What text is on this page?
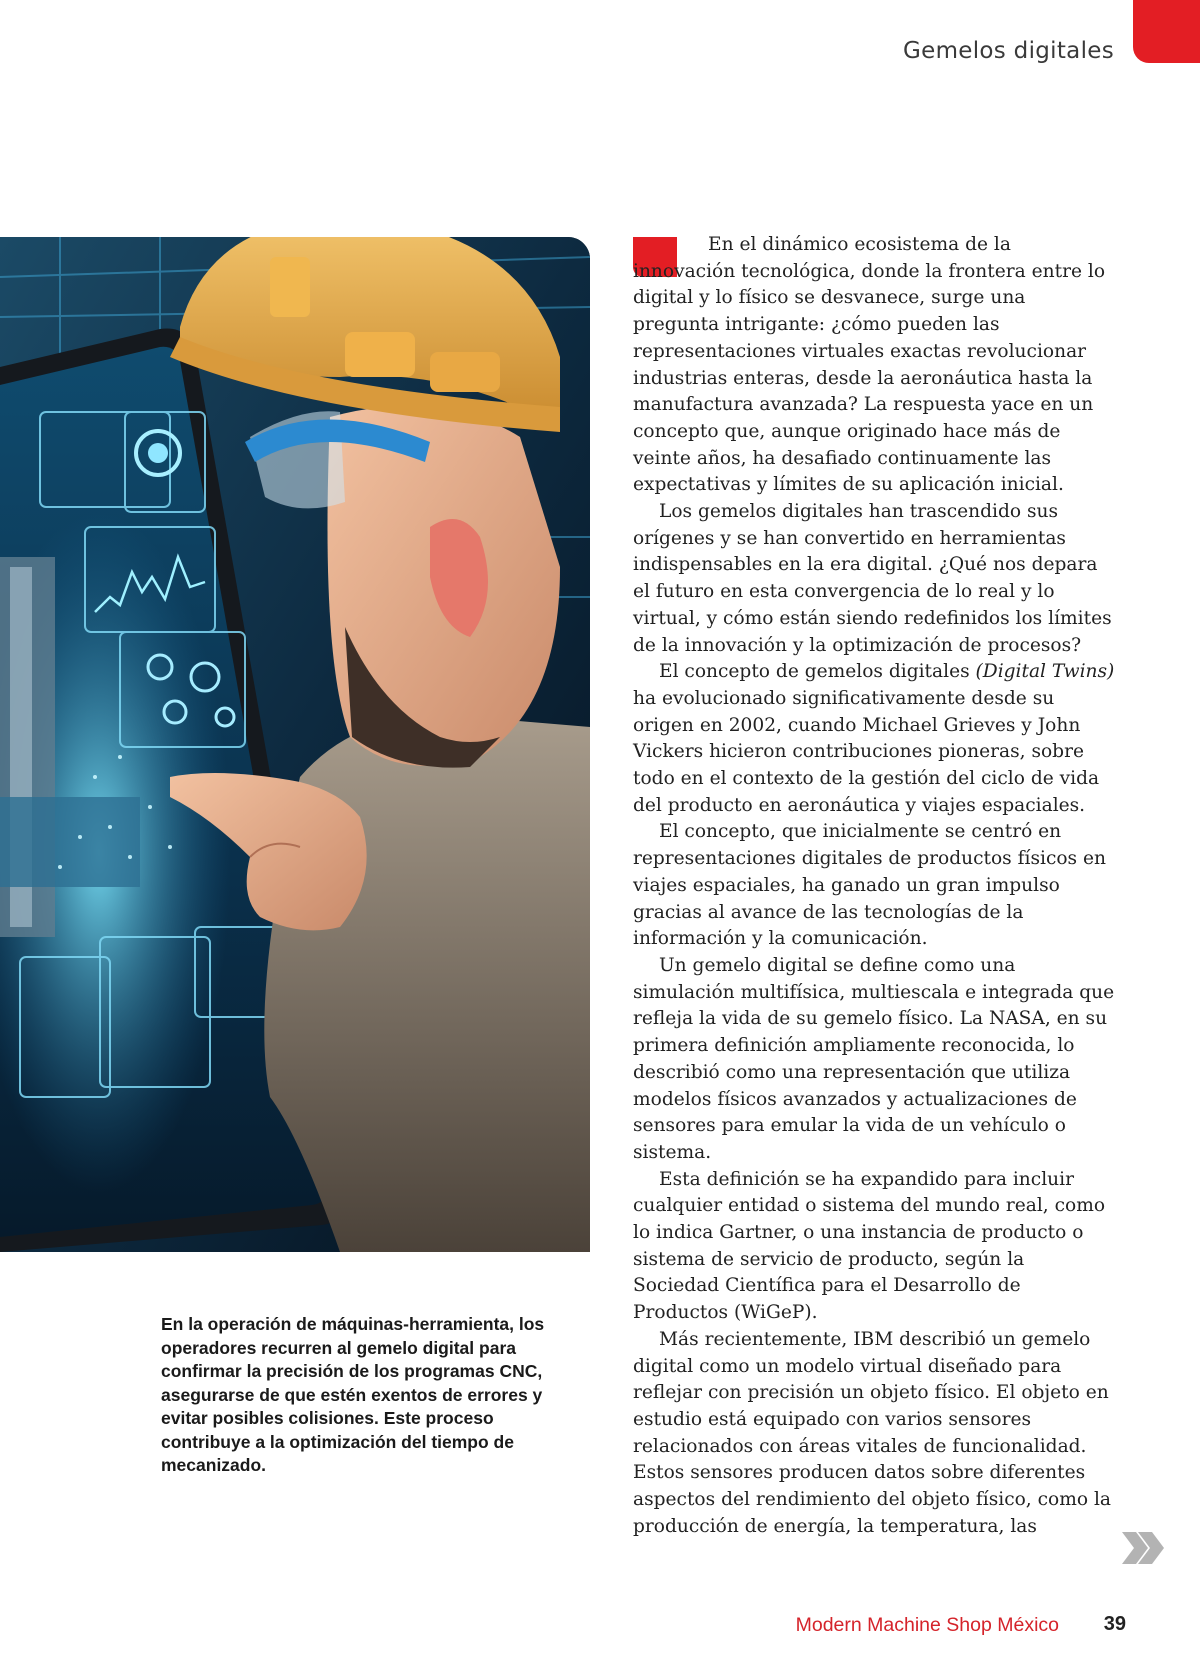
Gemelos digitales

En la operación de máquinas-herramienta, los operadores recurren al gemelo digital para confirmar la precisión de los programas CNC, asegurarse de que estén exentos de errores y evitar posibles colisiones. Este proceso contribuye a la optimización del tiempo de mecanizado.

En el dinámico ecosistema de la innovación tecnológica, donde la frontera entre lo digital y lo físico se desvanece, surge una pregunta intrigante: ¿cómo pueden las representaciones virtuales exactas revolucionar industrias enteras, desde la aeronáutica hasta la manufactura avanzada? La respuesta yace en un concepto que, aunque originado hace más de veinte años, ha desafiado continuamente las expectativas y límites de su aplicación inicial.

Los gemelos digitales han trascendido sus orígenes y se han convertido en herramientas indispensables en la era digital. ¿Qué nos depara el futuro en esta convergencia de lo real y lo virtual, y cómo están siendo redefinidos los límites de la innovación y la optimización de procesos?

El concepto de gemelos digitales (Digital Twins) ha evolucionado significativamente desde su origen en 2002, cuando Michael Grieves y John Vickers hicieron contribuciones pioneras, sobre todo en el contexto de la gestión del ciclo de vida del producto en aeronáutica y viajes espaciales.

El concepto, que inicialmente se centró en representaciones digitales de productos físicos en viajes espaciales, ha ganado un gran impulso gracias al avance de las tecnologías de la información y la comunicación.

Un gemelo digital se define como una simulación multifísica, multiescala e integrada que refleja la vida de su gemelo físico. La NASA, en su primera definición ampliamente reconocida, lo describió como una representación que utiliza modelos físicos avanzados y actualizaciones de sensores para emular la vida de un vehículo o sistema.

Esta definición se ha expandido para incluir cualquier entidad o sistema del mundo real, como lo indica Gartner, o una instancia de producto o sistema de servicio de producto, según la Sociedad Científica para el Desarrollo de Productos (WiGeP).

Más recientemente, IBM describió un gemelo digital como un modelo virtual diseñado para reflejar con precisión un objeto físico. El objeto en estudio está equipado con varios sensores relacionados con áreas vitales de funcionalidad. Estos sensores producen datos sobre diferentes aspectos del rendimiento del objeto físico, como la producción de energía, la temperatura, las

Modern Machine Shop México 39
